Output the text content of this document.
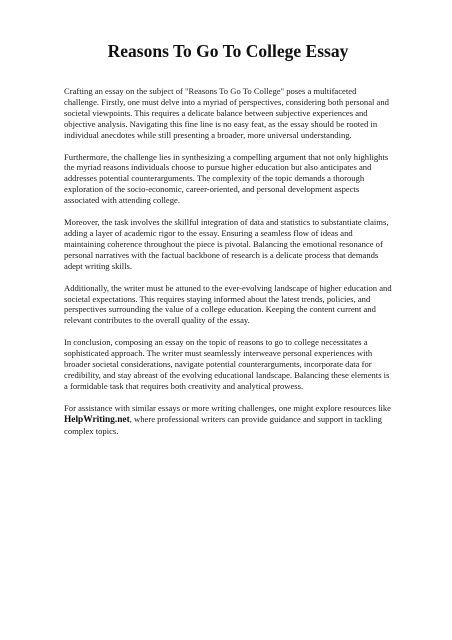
Reasons To Go To College Essay

Crafting an essay on the subject of "Reasons To Go To College" poses a multifaceted challenge. Firstly, one must delve into a myriad of perspectives, considering both personal and societal viewpoints. This requires a delicate balance between subjective experiences and objective analysis. Navigating this fine line is no easy feat, as the essay should be rooted in individual anecdotes while still presenting a broader, more universal understanding.

Furthermore, the challenge lies in synthesizing a compelling argument that not only highlights the myriad reasons individuals choose to pursue higher education but also anticipates and addresses potential counterarguments. The complexity of the topic demands a thorough exploration of the socio-economic, career-oriented, and personal development aspects associated with attending college.

Moreover, the task involves the skillful integration of data and statistics to substantiate claims, adding a layer of academic rigor to the essay. Ensuring a seamless flow of ideas and maintaining coherence throughout the piece is pivotal. Balancing the emotional resonance of personal narratives with the factual backbone of research is a delicate process that demands adept writing skills.

Additionally, the writer must be attuned to the ever-evolving landscape of higher education and societal expectations. This requires staying informed about the latest trends, policies, and perspectives surrounding the value of a college education. Keeping the content current and relevant contributes to the overall quality of the essay.

In conclusion, composing an essay on the topic of reasons to go to college necessitates a sophisticated approach. The writer must seamlessly interweave personal experiences with broader societal considerations, navigate potential counterarguments, incorporate data for credibility, and stay abreast of the evolving educational landscape. Balancing these elements is a formidable task that requires both creativity and analytical prowess.

For assistance with similar essays or more writing challenges, one might explore resources like HelpWriting.net, where professional writers can provide guidance and support in tackling complex topics.
